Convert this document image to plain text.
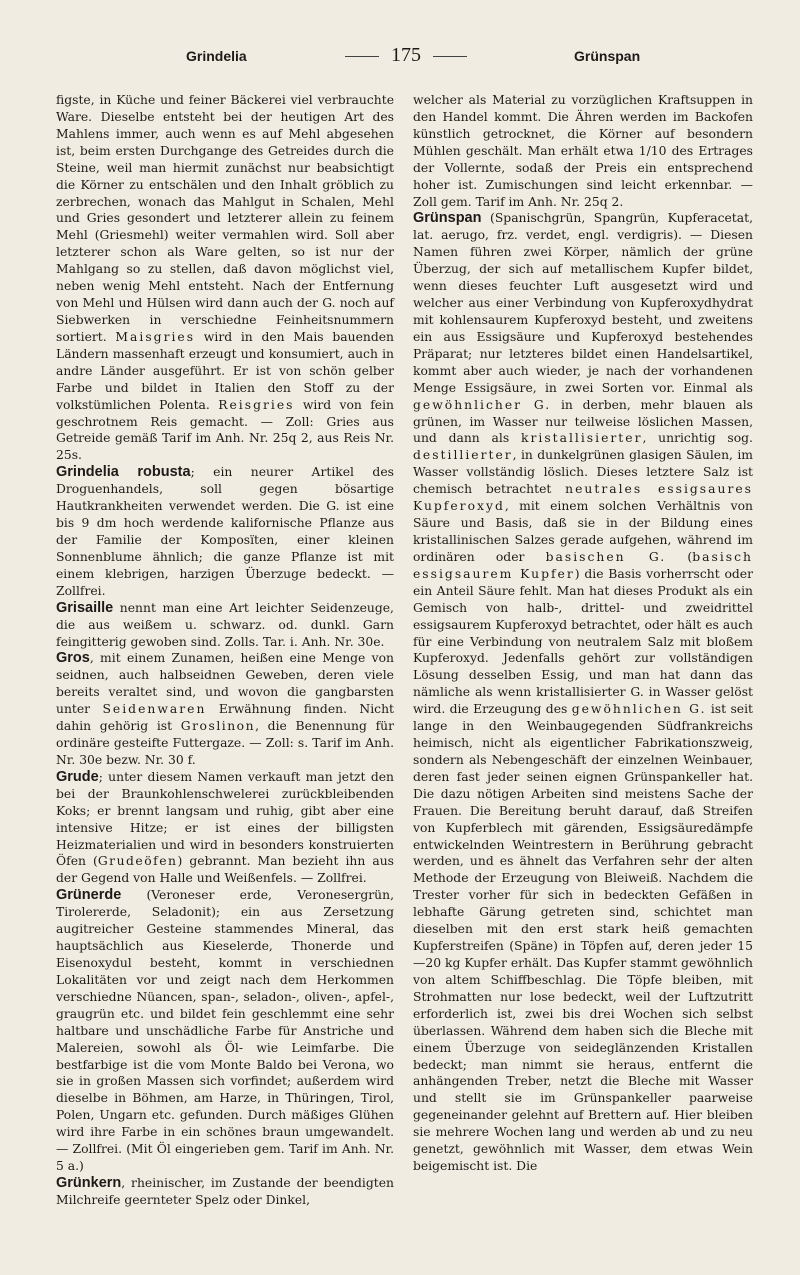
Grindelia	175	Grünspan

figste, in Küche und feiner Bäckerei viel verbrauchte Ware. Dieselbe entsteht bei der heutigen Art des Mahlens immer, auch wenn es auf Mehl abgesehen ist, beim ersten Durchgange des Getreides durch die Steine, weil man hiermit zunächst nur beabsichtigt die Körner zu entschälen und den Inhalt gröblich zu zerbrechen, wonach das Mahlgut in Schalen, Mehl und Gries gesondert und letzterer allein zu feinem Mehl (Griesmehl) weiter vermahlen wird. Soll aber letzterer schon als Ware gelten, so ist nur der Mahlgang so zu stellen, daß davon möglichst viel, neben wenig Mehl entsteht. Nach der Entfernung von Mehl und Hülsen wird dann auch der G. noch auf Siebwerken in verschiedne Feinheitsnummern sortiert. Maisgries wird in den Mais bauenden Ländern massenhaft erzeugt und konsumiert, auch in andre Länder ausgeführt. Er ist von schön gelber Farbe und bildet in Italien den Stoff zu der volkstümlichen Polenta. Reisgries wird von fein geschrotnem Reis gemacht. — Zoll: Gries aus Getreide gemäß Tarif im Anh. Nr. 25q 2, aus Reis Nr. 25s.

Grindelia robusta; ein neurer Artikel des Droguenhandels, soll gegen bösartige Hautkrankheiten verwendet werden. Die G. ist eine bis 9 dm hoch werdende kalifornische Pflanze aus der Familie der Komposïten, einer kleinen Sonnenblume ähnlich; die ganze Pflanze ist mit einem klebrigen, harzigen Überzuge bedeckt. — Zollfrei.

Grisaille nennt man eine Art leichter Seidenzeuge, die aus weißem u. schwarz. od. dunkl. Garn feingitterig gewoben sind. Zolls. Tar. i. Anh. Nr. 30e.

Gros, mit einem Zunamen, heißen eine Menge von seidnen, auch halbseidnen Geweben, deren viele bereits veraltet sind, und wovon die gangbarsten unter Seidenwaren Erwähnung finden. Nicht dahin gehörig ist Groslinon, die Benennung für ordinäre gesteifte Futtergaze. — Zoll: s. Tarif im Anh. Nr. 30e bezw. Nr. 30 f.

Grude; unter diesem Namen verkauft man jetzt den bei der Braunkohlenschwelerei zurückbleibenden Koks; er brennt langsam und ruhig, gibt aber eine intensive Hitze; er ist eines der billigsten Heizmaterialien und wird in besonders konstruierten Öfen (Grudeöfen) gebrannt. Man bezieht ihn aus der Gegend von Halle und Weißenfels. — Zollfrei.

Grünerde (Veroneser erde, Veronesergrün, Tirolererde, Seladonit); ein aus Zersetzung augitreicher Gesteine stammendes Mineral, das hauptsächlich aus Kieselerde, Thonerde und Eisenoxydul besteht, kommt in verschiednen Lokalitäten vor und zeigt nach dem Herkommen verschiedne Nüancen, span-, seladon-, oliven-, apfel-, graugrün etc. und bildet fein geschlemmt eine sehr haltbare und unschädliche Farbe für Anstriche und Malereien, sowohl als Öl- wie Leimfarbe. Die bestfarbige ist die vom Monte Baldo bei Verona, wo sie in großen Massen sich vorfindet; außerdem wird dieselbe in Böhmen, am Harze, in Thüringen, Tirol, Polen, Ungarn etc. gefunden. Durch mäßiges Glühen wird ihre Farbe in ein schönes braun umgewandelt. — Zollfrei. (Mit Öl eingerieben gem. Tarif im Anh. Nr. 5 a.)

Grünkern, rheinischer, im Zustande der beendigten Milchreife geernteter Spelz oder Dinkel,

welcher als Material zu vorzüglichen Kraftsuppen in den Handel kommt. Die Ähren werden im Backofen künstlich getrocknet, die Körner auf besondern Mühlen geschält. Man erhält etwa 1/10 des Ertrages der Vollernte, sodaß der Preis ein entsprechend hoher ist. Zumischungen sind leicht erkennbar. — Zoll gem. Tarif im Anh. Nr. 25q 2.

Grünspan (Spanischgrün, Spangrün, Kupferacetat, lat. aerugo, frz. verdet, engl. verdigris). — Diesen Namen führen zwei Körper, nämlich der grüne Überzug, der sich auf metallischem Kupfer bildet, wenn dieses feuchter Luft ausgesetzt wird und welcher aus einer Verbindung von Kupferoxydhydrat mit kohlensaurem Kupferoxyd besteht, und zweitens ein aus Essigsäure und Kupferoxyd bestehendes Präparat; nur letzteres bildet einen Handelsartikel, kommt aber auch wieder, je nach der vorhandenen Menge Essigsäure, in zwei Sorten vor. Einmal als gewöhnlicher G. in derben, mehr blauen als grünen, im Wasser nur teilweise löslichen Massen, und dann als kristallisierter, unrichtig sog. destillierter, in dunkelgrünen glasigen Säulen, im Wasser vollständig löslich. Dieses letztere Salz ist chemisch betrachtet neutrales essigsaures Kupferoxyd, mit einem solchen Verhältnis von Säure und Basis, daß sie in der Bildung eines kristallinischen Salzes gerade aufgehen, während im ordinären oder basischen G. (basisch essigsaurem Kupfer) die Basis vorherrscht oder ein Anteil Säure fehlt. Man hat dieses Produkt als ein Gemisch von halb-, drittel- und zweidrittel essigsaurem Kupferoxyd betrachtet, oder hält es auch für eine Verbindung von neutralem Salz mit bloßem Kupferoxyd. Jedenfalls gehört zur vollständigen Lösung desselben Essig, und man hat dann das nämliche als wenn kristallisierter G. in Wasser gelöst wird. die Erzeugung des gewöhnlichen G. ist seit lange in den Weinbaugegenden Südfrankreichs heimisch, nicht als eigentlicher Fabrikationszweig, sondern als Nebengeschäft der einzelnen Weinbauer, deren fast jeder seinen eignen Grünspankeller hat. Die dazu nötigen Arbeiten sind meistens Sache der Frauen. Die Bereitung beruht darauf, daß Streifen von Kupferblech mit gärenden, Essigsäuredämpfe entwickelnden Weintrestern in Berührung gebracht werden, und es ähnelt das Verfahren sehr der alten Methode der Erzeugung von Bleiweiß. Nachdem die Trester vorher für sich in bedeckten Gefäßen in lebhafte Gärung getreten sind, schichtet man dieselben mit den erst stark heiß gemachten Kupferstreifen (Späne) in Töpfen auf, deren jeder 15—20 kg Kupfer erhält. Das Kupfer stammt gewöhnlich von altem Schiffbeschlag. Die Töpfe bleiben, mit Strohmatten nur lose bedeckt, weil der Luftzutritt erforderlich ist, zwei bis drei Wochen sich selbst überlassen. Während dem haben sich die Bleche mit einem Überzuge von seideglänzenden Kristallen bedeckt; man nimmt sie heraus, entfernt die anhängenden Treber, netzt die Bleche mit Wasser und stellt sie im Grünspankeller paarweise gegeneinander gelehnt auf Brettern auf. Hier bleiben sie mehrere Wochen lang und werden ab und zu neu genetzt, gewöhnlich mit Wasser, dem etwas Wein beigemischt ist. Die
